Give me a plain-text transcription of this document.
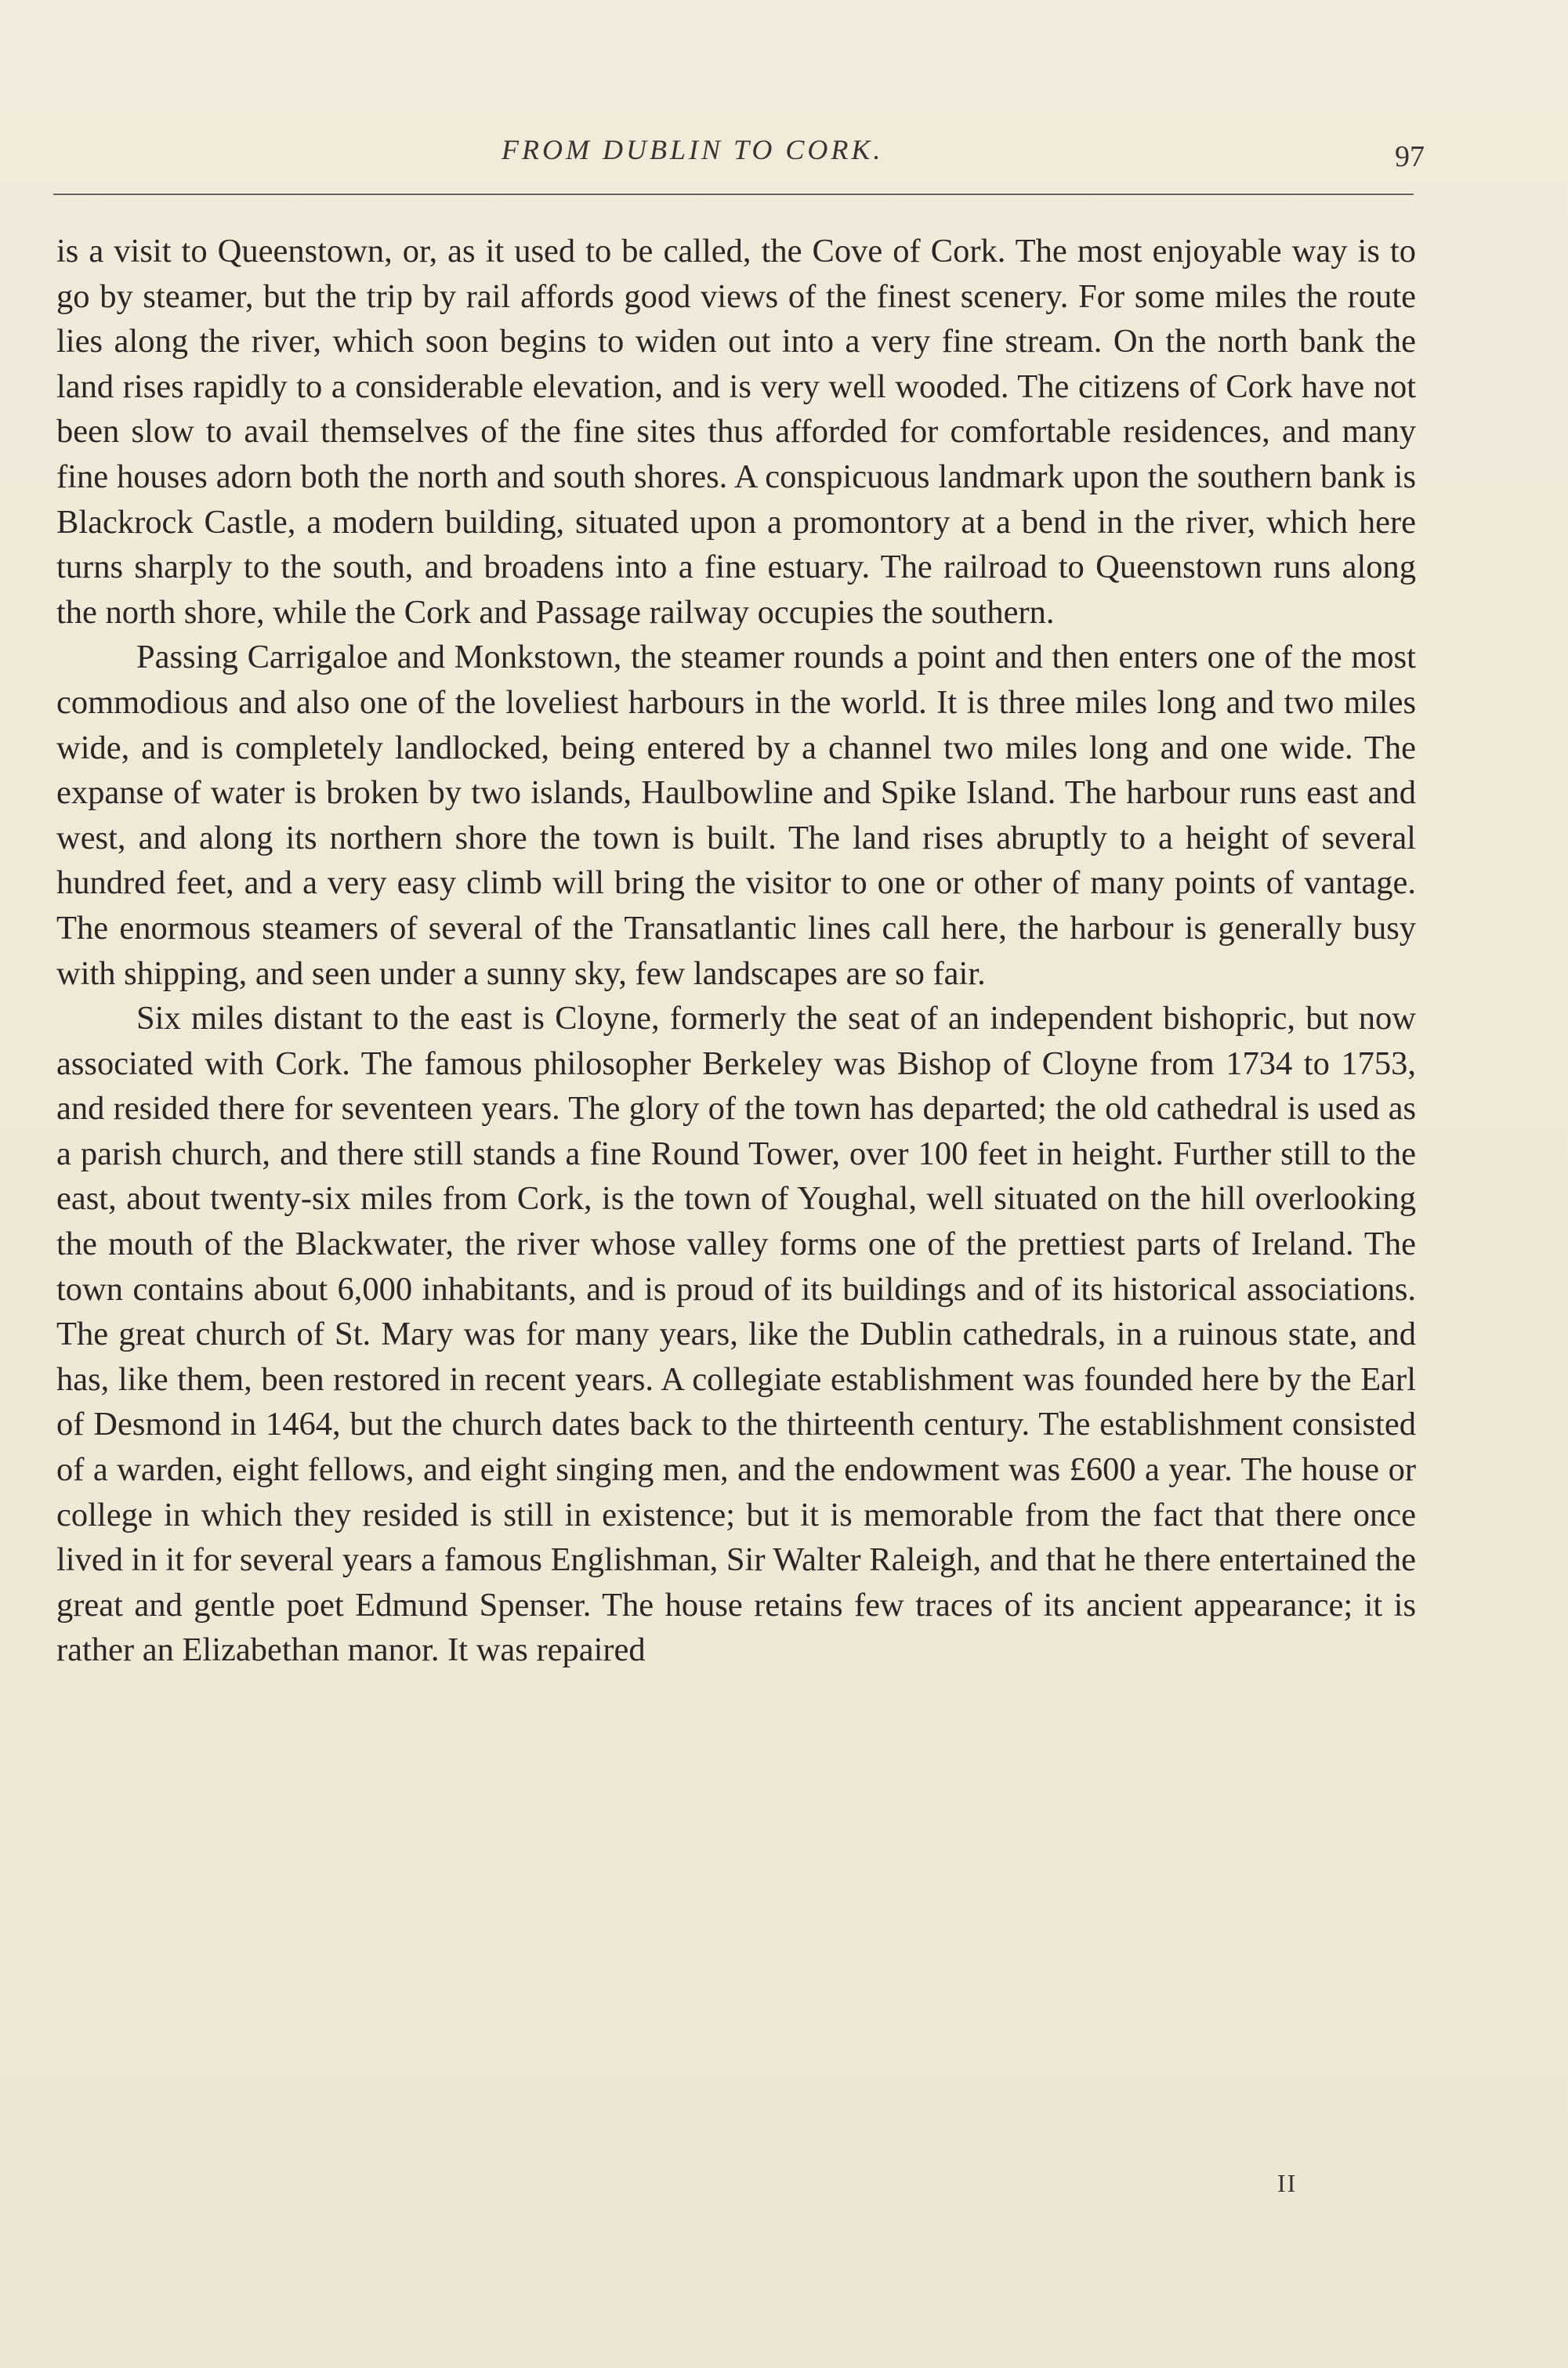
FROM DUBLIN TO CORK.	97

is a visit to Queenstown, or, as it used to be called, the Cove of Cork. The most enjoyable way is to go by steamer, but the trip by rail affords good views of the finest scenery. For some miles the route lies along the river, which soon begins to widen out into a very fine stream. On the north bank the land rises rapidly to a considerable elevation, and is very well wooded. The citizens of Cork have not been slow to avail themselves of the fine sites thus afforded for comfortable residences, and many fine houses adorn both the north and south shores. A conspicuous landmark upon the southern bank is Blackrock Castle, a modern building, situated upon a promontory at a bend in the river, which here turns sharply to the south, and broadens into a fine estuary. The railroad to Queenstown runs along the north shore, while the Cork and Passage railway occupies the southern.

Passing Carrigaloe and Monkstown, the steamer rounds a point and then enters one of the most commodious and also one of the loveliest harbours in the world. It is three miles long and two miles wide, and is completely landlocked, being entered by a channel two miles long and one wide. The expanse of water is broken by two islands, Haulbowline and Spike Island. The harbour runs east and west, and along its northern shore the town is built. The land rises abruptly to a height of several hundred feet, and a very easy climb will bring the visitor to one or other of many points of vantage. The enormous steamers of several of the Transatlantic lines call here, the harbour is generally busy with shipping, and seen under a sunny sky, few landscapes are so fair.

Six miles distant to the east is Cloyne, formerly the seat of an independent bishopric, but now associated with Cork. The famous philosopher Berkeley was Bishop of Cloyne from 1734 to 1753, and resided there for seventeen years. The glory of the town has departed; the old cathedral is used as a parish church, and there still stands a fine Round Tower, over 100 feet in height. Further still to the east, about twenty-six miles from Cork, is the town of Youghal, well situated on the hill overlooking the mouth of the Blackwater, the river whose valley forms one of the prettiest parts of Ireland. The town contains about 6,000 inhabitants, and is proud of its buildings and of its historical associations. The great church of St. Mary was for many years, like the Dublin cathedrals, in a ruinous state, and has, like them, been restored in recent years. A collegiate establishment was founded here by the Earl of Desmond in 1464, but the church dates back to the thirteenth century. The establishment consisted of a warden, eight fellows, and eight singing men, and the endowment was £600 a year. The house or college in which they resided is still in existence; but it is memorable from the fact that there once lived in it for several years a famous Englishman, Sir Walter Raleigh, and that he there entertained the great and gentle poet Edmund Spenser. The house retains few traces of its ancient appearance; it is rather an Elizabethan manor. It was repaired

II
